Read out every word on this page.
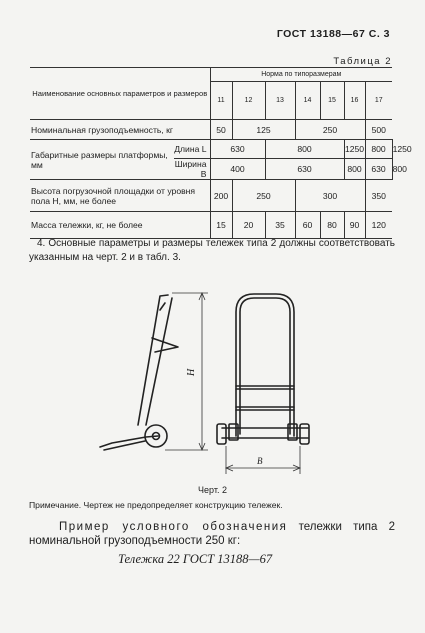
ГОСТ 13188—67 С. 3
Таблица 2
Наименование основных параметров и размеров		Норма по типоразмерам							
		11	12	13	14	15	16	17	
Номинальная грузоподъемность, кг		50	125		250			500	
Габаритные размеры платформы, мм	Длина L	630		800			1250	800	1250
	Ширина B	400		630			800	630	800
Высота погрузочной площадки от уровня пола H, мм, не более		200	250		300			350	
Масса тележки, кг, не более		15	20	35	60	80	90	120	
4. Основные параметры и размеры тележек типа 2 должны соответствовать указанным на черт. 2 и в табл. 3.
H
B
Черт. 2
Примечание. Чертеж не предопределяет конструкцию тележек.
Пример условного обозначения тележки типа 2 номинальной грузоподъемности 250 кг:
Тележка 22 ГОСТ 13188—67
